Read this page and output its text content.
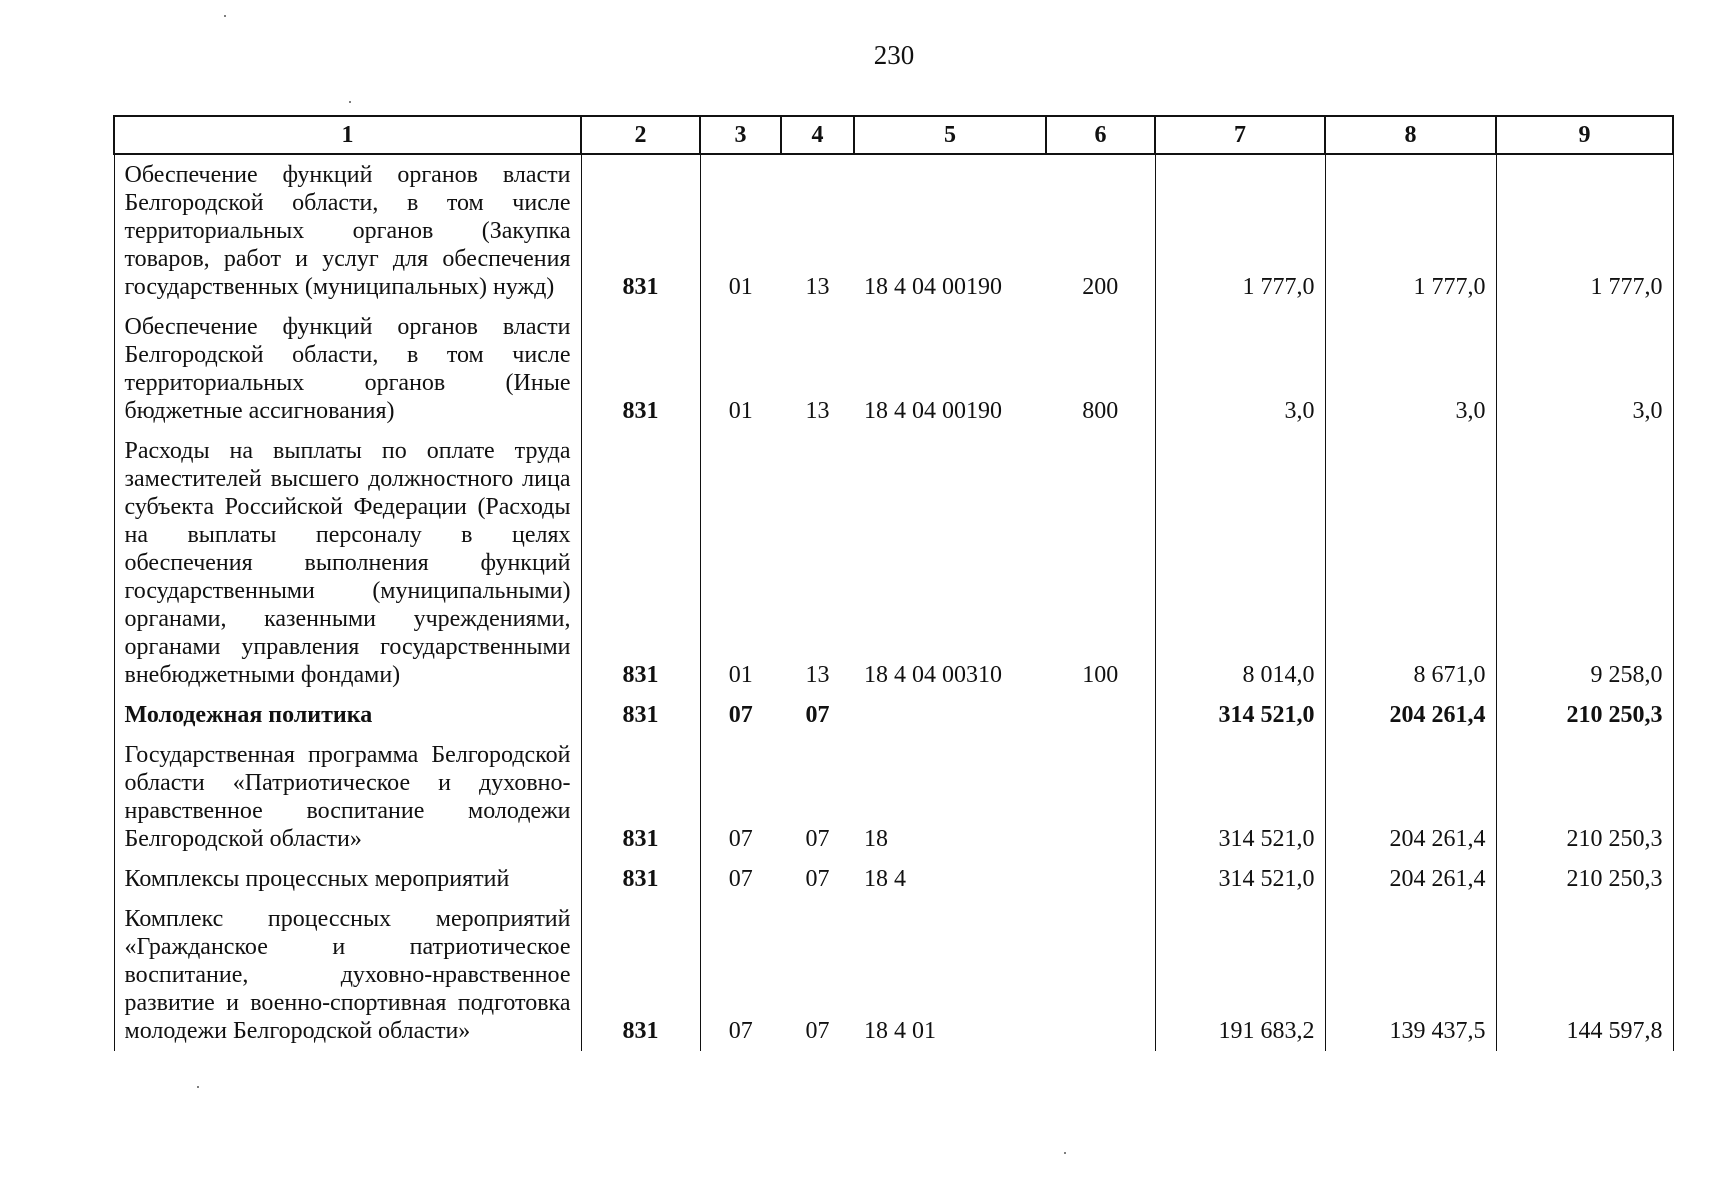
230
1	2	3	4	5	6	7	8	9
Обеспечение функций органов власти Белгородской области, в том числе территориальных органов (Закупка товаров, работ и услуг для обеспечения государственных (муниципальных) нужд)	831	01	13	18 4 04 00190	200	1 777,0	1 777,0	1 777,0
Обеспечение функций органов власти Белгородской области, в том числе территориальных органов (Иные бюджетные ассигнования)	831	01	13	18 4 04 00190	800	3,0	3,0	3,0
Расходы на выплаты по оплате труда заместителей высшего должностного лица субъекта Российской Федерации (Расходы на выплаты персоналу в целях обеспечения выполнения функций государственными (муниципальными) органами, казенными учреждениями, органами управления государственными внебюджетными фондами)	831	01	13	18 4 04 00310	100	8 014,0	8 671,0	9 258,0
Молодежная политика	831	07	07			314 521,0	204 261,4	210 250,3
Государственная программа Белгородской области «Патриотическое и духовно-нравственное воспитание молодежи Белгородской области»	831	07	07	18		314 521,0	204 261,4	210 250,3
Комплексы процессных мероприятий	831	07	07	18 4		314 521,0	204 261,4	210 250,3
Комплекс процессных мероприятий «Гражданское и патриотическое воспитание, духовно-нравственное развитие и военно-спортивная подготовка молодежи Белгородской области»	831	07	07	18 4 01		191 683,2	139 437,5	144 597,8
